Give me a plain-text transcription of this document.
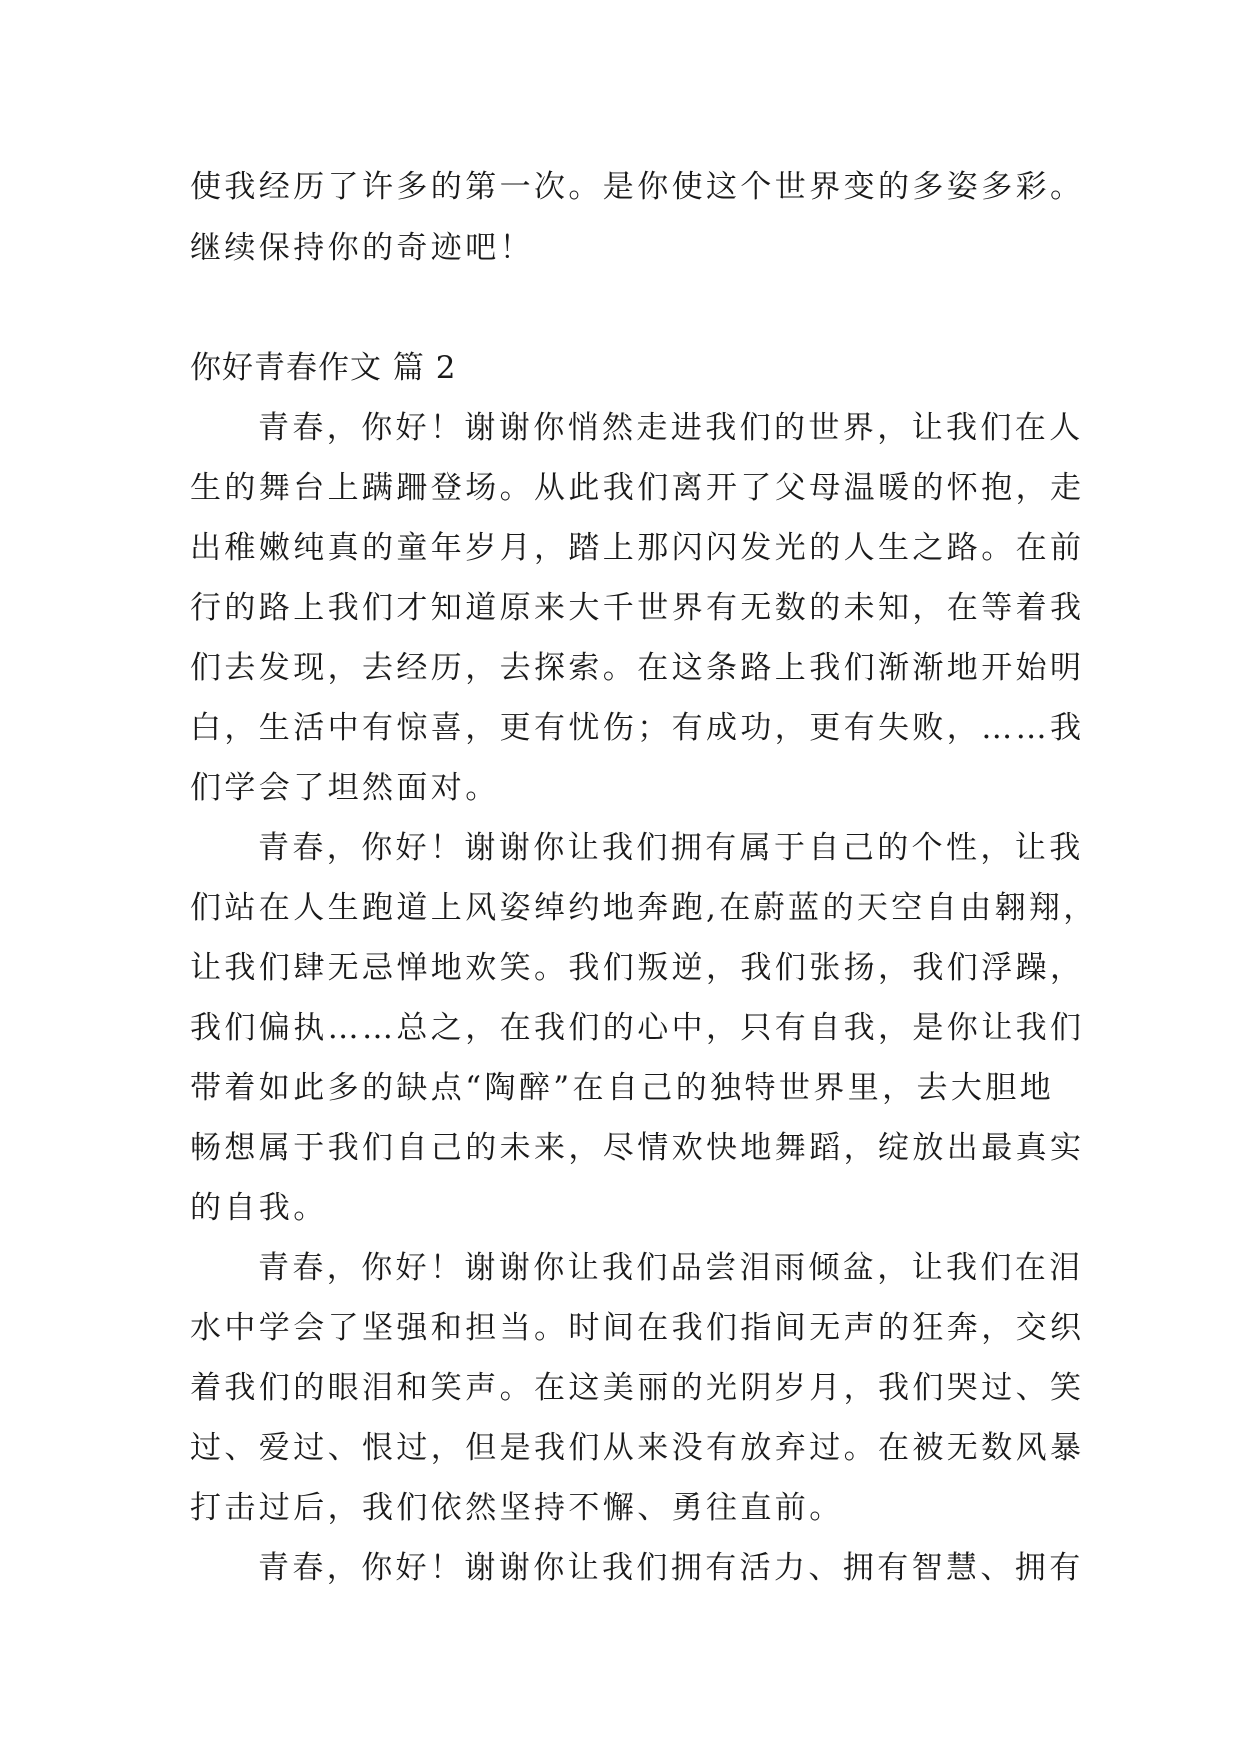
使我经历了许多的第一次。是你使这个世界变的多姿多彩。
继续保持你的奇迹吧！
你好青春作文 篇 2
青春，你好！谢谢你悄然走进我们的世界，让我们在人
生的舞台上蹒跚登场。从此我们离开了父母温暖的怀抱，走
出稚嫩纯真的童年岁月，踏上那闪闪发光的人生之路。在前
行的路上我们才知道原来大千世界有无数的未知，在等着我
们去发现，去经历，去探索。在这条路上我们渐渐地开始明
白，生活中有惊喜，更有忧伤；有成功，更有失败，……我
们学会了坦然面对。
青春，你好！谢谢你让我们拥有属于自己的个性，让我
们站在人生跑道上风姿绰约地奔跑,在蔚蓝的天空自由翱翔，
让我们肆无忌惮地欢笑。我们叛逆，我们张扬，我们浮躁，
我们偏执……总之，在我们的心中，只有自我，是你让我们
带着如此多的缺点“陶醉”在自己的独特世界里，去大胆地
畅想属于我们自己的未来，尽情欢快地舞蹈，绽放出最真实
的自我。
青春，你好！谢谢你让我们品尝泪雨倾盆，让我们在泪
水中学会了坚强和担当。时间在我们指间无声的狂奔，交织
着我们的眼泪和笑声。在这美丽的光阴岁月，我们哭过、笑
过、爱过、恨过，但是我们从来没有放弃过。在被无数风暴
打击过后，我们依然坚持不懈、勇往直前。
青春，你好！谢谢你让我们拥有活力、拥有智慧、拥有
